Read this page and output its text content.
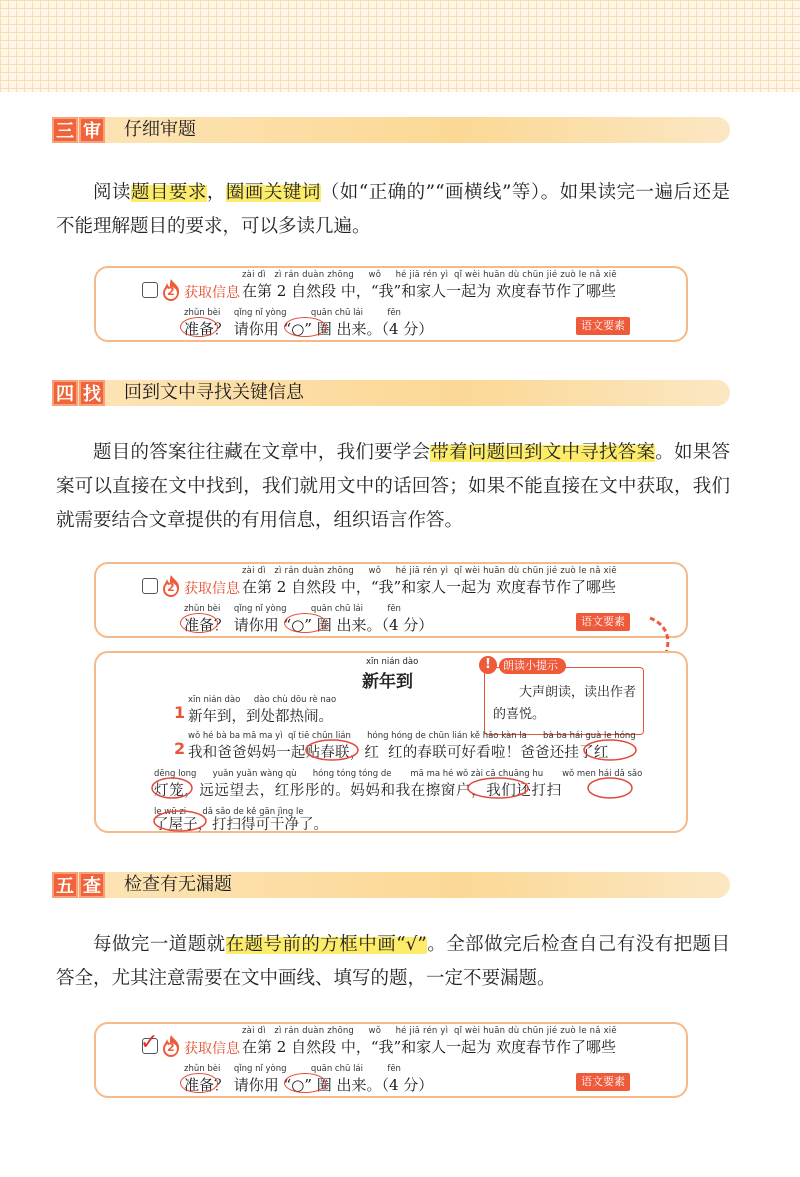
三 审 仔细审题

阅读题目要求，圈画关键词（如“正确的”“画横线”等）。如果读完一遍后还是不能理解题目的要求，可以多读几遍。

2 获取信息
zài dì   zì rán duàn zhōng     wǒ     hé jiā rén yì  qǐ wèi huān dù chūn jié zuò le nǎ xiē
在第 2 自然段 中，“我”和家人一起为 欢度春节作了哪些
zhǔn bèi     qǐng nǐ yòng         quān chū lái         fēn
准备？ 请你用 “○” 圈 出来。（4 分）	语文要素
四 找 回到文中寻找关键信息

题目的答案往往藏在文章中，我们要学会带着问题回到文中寻找答案。如果答案可以直接在文中找到，我们就用文中的话回答；如果不能直接在文中获取，我们就需要结合文章提供的有用信息，组织语言作答。

2 获取信息
zài dì   zì rán duàn zhōng     wǒ     hé jiā rén yì  qǐ wèi huān dù chūn jié zuò le nǎ xiē
在第 2 自然段 中，“我”和家人一起为 欢度春节作了哪些
zhǔn bèi     qǐng nǐ yòng         quān chū lái         fēn
准备？ 请你用 “○” 圈 出来。（4 分）	语文要素
xīn nián dào
新年到
!	朗读小提示
大声朗读，读出作者的喜悦。
1
xīn nián dào     dào chù dōu rè nao
新年到，到处都热闹。
2
wǒ hé bà ba mā ma yì  qǐ tiē chūn lián      hóng hóng de chūn lián kě hǎo kàn la      bà ba hái guà le hóng
我和爸爸妈妈一起贴春联，红 红的春联可好看啦！爸爸还挂了红
dēng long      yuǎn yuǎn wàng qù      hóng tóng tóng de       mā ma hé wǒ zài cā chuāng hu       wǒ men hái dǎ sǎo
灯笼，远远望去，红彤彤的。妈妈和我在擦窗户，我们还打扫
le wū zi      dǎ sǎo de kě gān jìng le
了屋子，打扫得可干净了。
五 查 检查有无漏题

每做完一道题就在题号前的方框中画“√”。全部做完后检查自己有没有把题目答全，尤其注意需要在文中画线、填写的题，一定不要漏题。

✓ 2 获取信息
zài dì   zì rán duàn zhōng     wǒ     hé jiā rén yì  qǐ wèi huān dù chūn jié zuò le nǎ xiē
在第 2 自然段 中，“我”和家人一起为 欢度春节作了哪些
zhǔn bèi     qǐng nǐ yòng         quān chū lái         fēn
准备？ 请你用 “○” 圈 出来。（4 分）	语文要素
